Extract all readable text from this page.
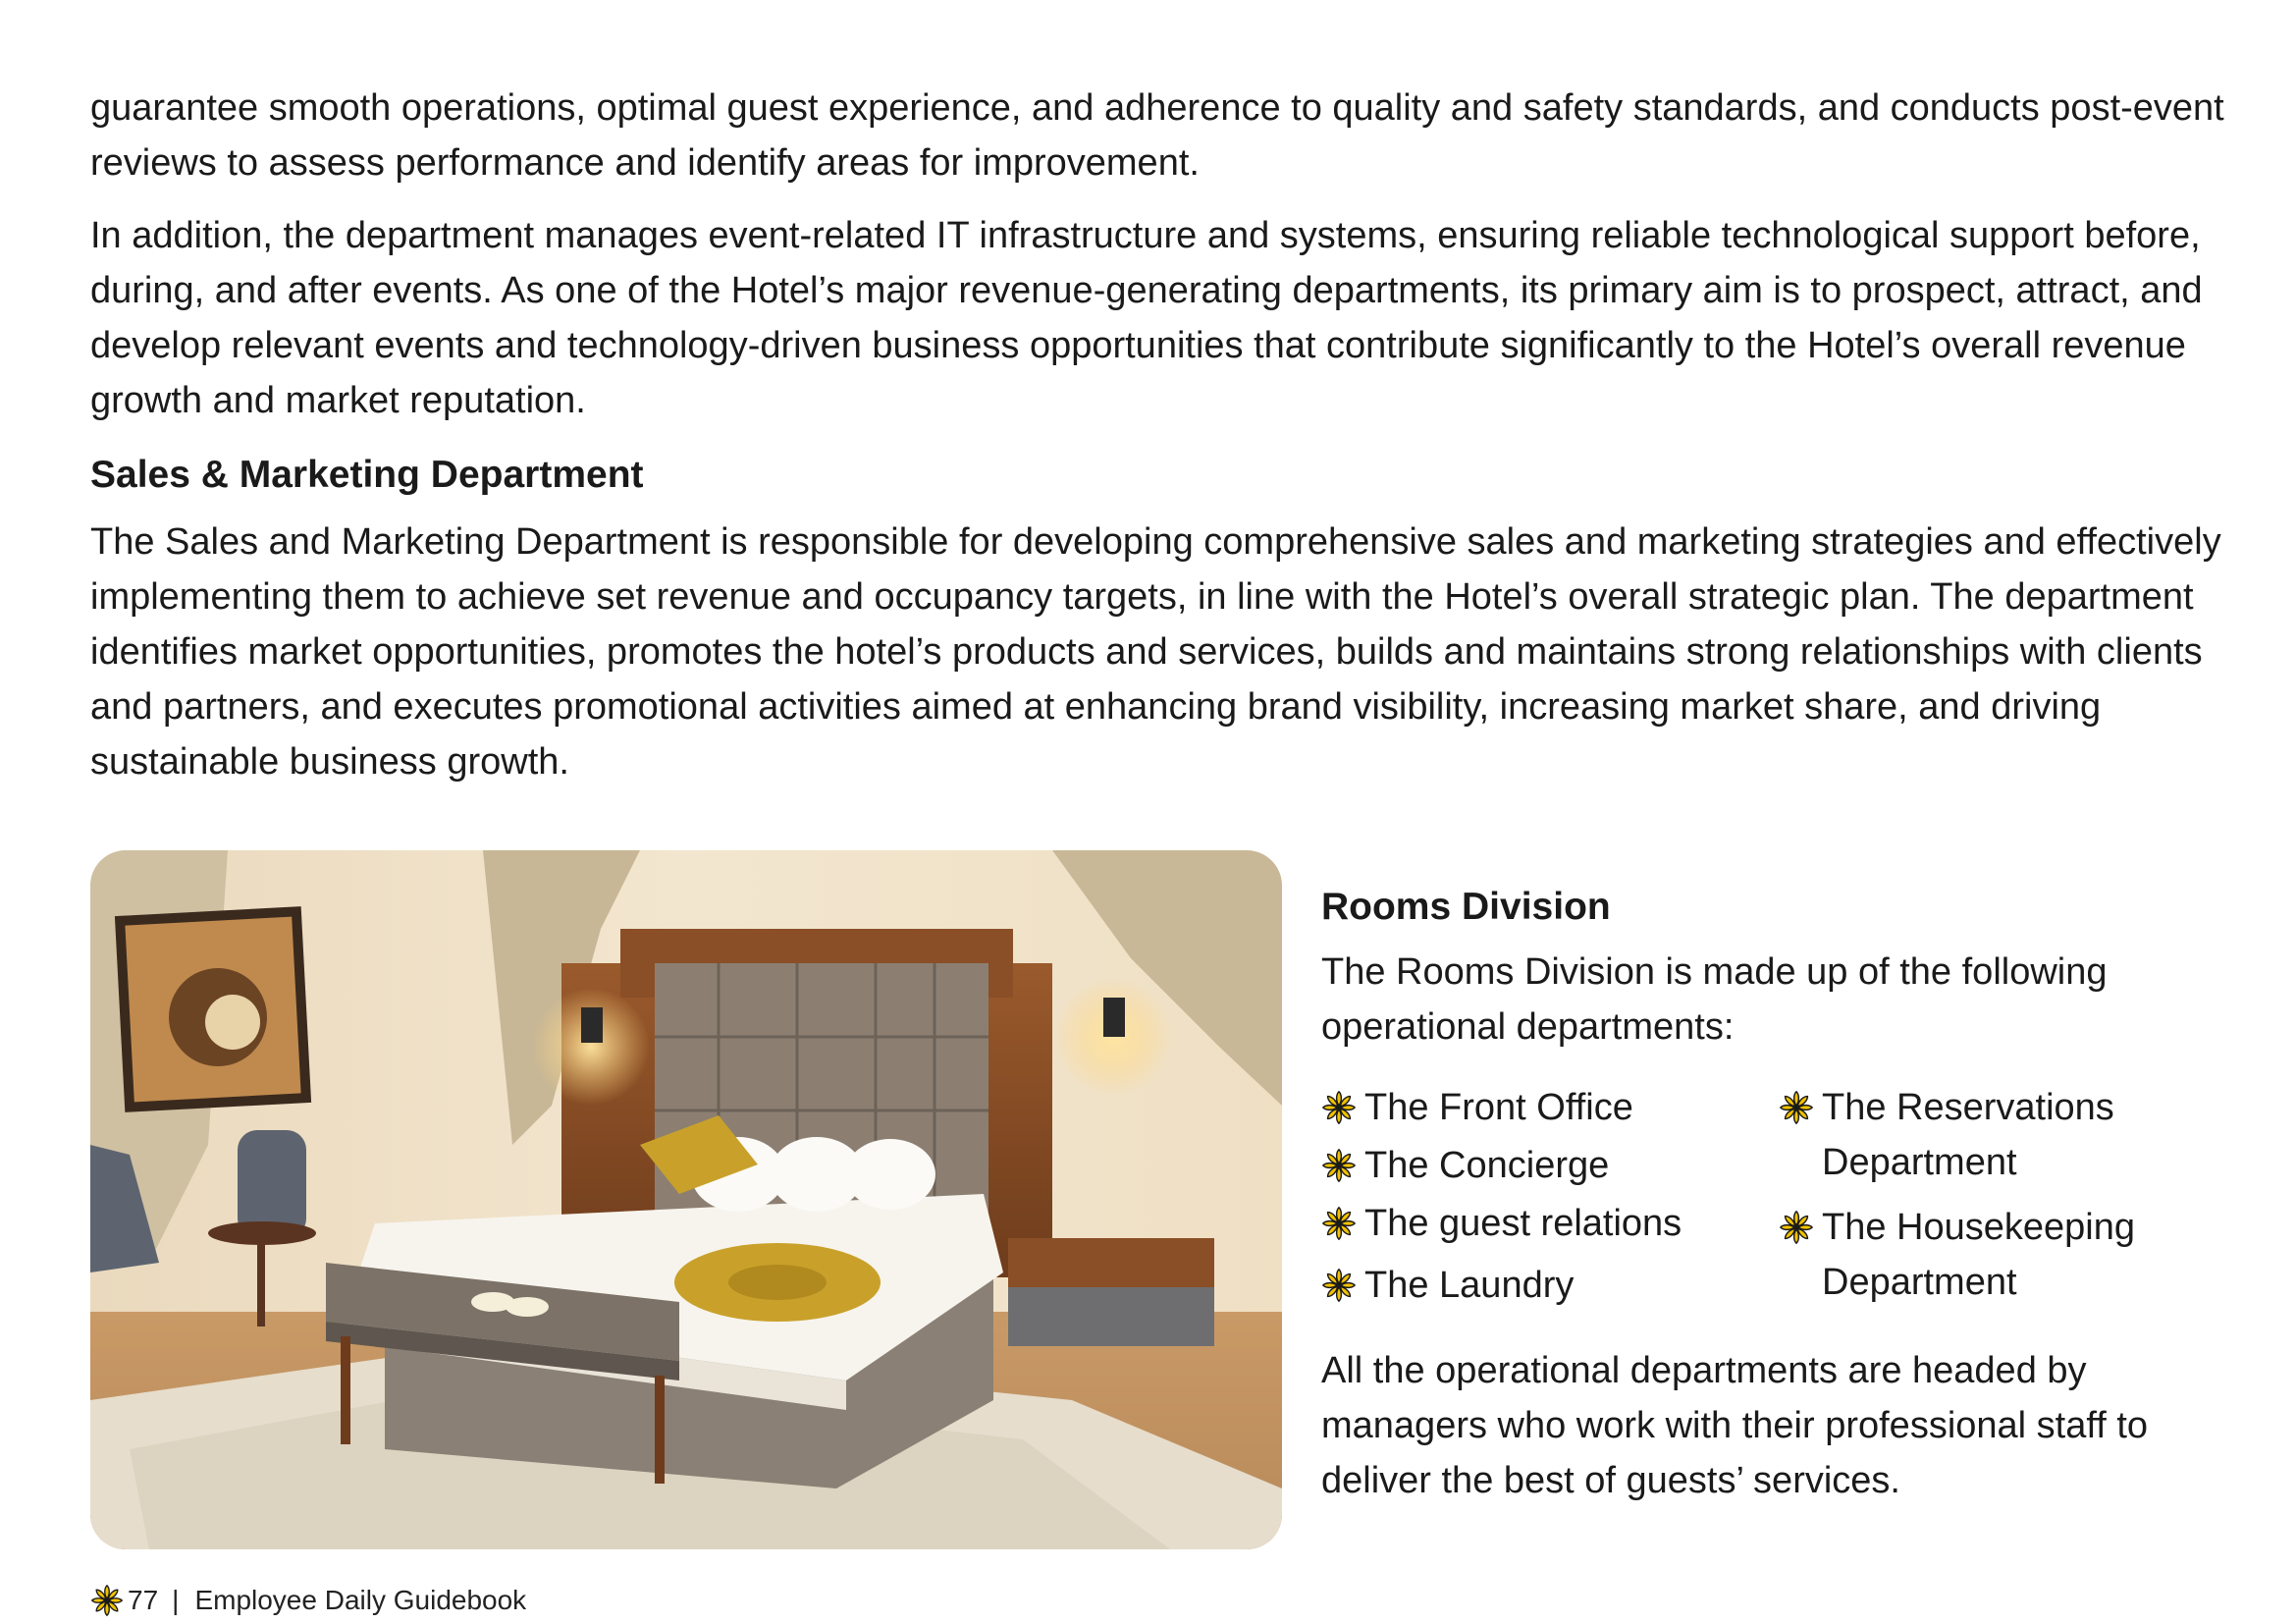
guarantee smooth operations, optimal guest experience, and adherence to quality and safety standards, and conducts post-event reviews to assess performance and identify areas for improvement.

In addition, the department manages event-related IT infrastructure and systems, ensuring reliable technological support before, during, and after events. As one of the Hotel’s major revenue-generating departments, its primary aim is to prospect, attract, and develop relevant events and technology-driven business opportunities that contribute significantly to the Hotel’s overall revenue growth and market reputation.

Sales & Marketing Department

The Sales and Marketing Department is responsible for developing comprehensive sales and marketing strategies and effectively implementing them to achieve set revenue and occupancy targets, in line with the Hotel’s overall strategic plan. The department identifies market opportunities, promotes the hotel’s products and services, builds and maintains strong relationships with clients and partners, and executes promotional activities aimed at enhancing brand visibility, increasing market share, and driving sustainable business growth.

Rooms Division

The Rooms Division is made up of the following operational departments:

The Front Office
The Concierge
The guest relations
The Laundry
The Reservations Department
The Housekeeping Department

All the operational departments are headed by managers who work with their professional staff to deliver the best of guests’ services.

77 | Employee Daily Guidebook
